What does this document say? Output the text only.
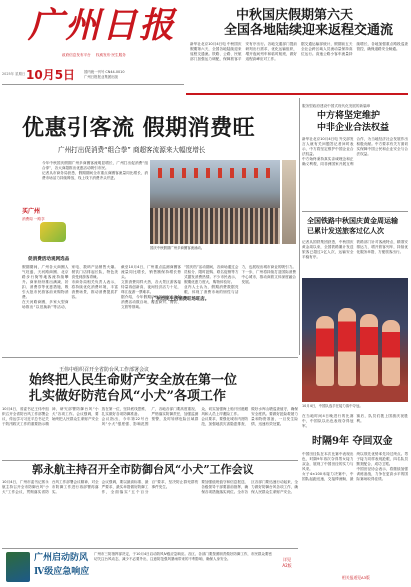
广州日报
政府信息发布平台 权威发布·民生服务
2025年 星期日 10月5日	国内统一刊号 CN44-0010
广州日报报业集团出版
中秋国庆假期第六天
全国各地陆续迎来返程交通流
新华社北京10月4日电 中秋国庆假期第六天，全国各地陆续迎来返程交通流。铁路、公路、民航部门加强运力调配，保障旅客平安有序出行。各地交通部门提前研判出行需求，优化运输组织，增开夜间列车和临时航班，做好返程高峰应对工作。
据交通运输部统计，假期前五天全社会跨区域人员流动量保持高位运行。高速公路小客车流量持续增长，各地加强重点路段巡查管控，确保道路安全畅通。
优惠引客流 假期消费旺
广州打出促消费“组合拳” 商超客流源来大幅度增长
今年中秋国庆假期广州多商圈客流明显增长，广州打出促消费“组合拳”，各大商超推出优惠活动吸引市民。
记者从市商务局获悉，假期期间全市重点商圈客流量同比增长，消费市场活力持续释放，线上线下消费齐头并进。
买广州
消费周 一路享
促消费活动观网选品
国庆中秋假期广州多商圈客流涌动。
假期期间，广州各大商圈人气旺盛，天河路商圈、北京路步行街等地客流持续攀升。商家纷纷推出满减、折扣、消费券等优惠措施，吸引大批市民游客前来购物消费。
在天河路商圈，多家大型商场推出“以旧换新”等活动，家电、数码产品销售火爆。餐饮门店排起长队，特色美食受到游客青睐。
市商务局相关负责人表示，将持续优化消费环境，丰富消费场景，推动消费提质扩容。
截至10月4日，广州重点监测商圈客流量同比增长，销售额保持增长势头。
文旅消费同样火热，各大景区游客接待量再创新高，夜间经济活力十足，珠江夜游一票难求。
据介绍，今年假期广州共组织各类促消费活动数百场，覆盖商贸、餐饮、文旅等领域。
广州市民生活消费旺场旺店。
“国庆档”活动期间，各商场通过会员积分、限时抢购、联名促销等方式激发消费热情。不少市民表示，假期优惠力度大，购物体验好。
业内人士认为，假期消费数据亮眼，体现了消费市场的韧性与活力，也展现出城市商业的吸引力。下一步，广州将持续打造国际消费中心城市，推动商旅文体深度融合发展。
服务型政府建设中国式现代化发展的新篇章
中方将坚定维护
中非企业合法权益
新华社北京10月4日电 外交部发言人就有关问题答记者问时表示，中方将坚定维护中国企业合法权益。
中方始终秉持真实亲诚理念和正确义利观，同非洲国家开展互利合作，为当地经济社会发展作出积极贡献。中方要求有关方面切实保障中国公民和企业安全与合法权益。
全国铁路中秋国庆黄金周运输
已累计发送旅客过亿人次
记者从国铁集团获悉，中秋国庆黄金周以来，全国铁路累计发送旅客已超过1亿人次，运输安全平稳有序。
铁路部门针对客流特点，精准安排运力，增开旅客列车，持续优化服务举措，方便旅客出行。
10月4日，中国队选手在接力赛中夺冠。
在当地时间4日晚进行的比赛中，中国队以出色表现夺得冠军。
赛后，队员们披上国旗庆祝胜利。
时隔9年 夺回双金
中国田径队在本次比赛中表现出色，时隔9年再次夺得男女接力双金，展现了中国田径的实力与风采。
女子4×100米接力决赛中，中国队起跑迅速，交接棒流畅，最终以领先优势率先冲过终点。男子接力同样表现抢眼，四名队员默契配合，成功卫冕。
中国田径协会表示，将继续加强训练备战，力争在更高水平的国际赛场取得佳绩。
相关报道见A3版
王伟中组织召开全省防台风工作部署会议
始终把人民生命财产安全放在第一位
扎实做好防范台风“小犬”各项工作
10月4日，省委书记王伟中组织召开全省防台风工作部署会议，传达学习习近平总书记关于防汛救灾工作的重要指示精神，研究部署防御台风“小犬”各项工作。会议强调，要始终把人民群众生命财产安全放在第一位，坚持底线思维，扎实做好各项防御准备。
会议指出，今年第22号台风“小犬”强度强、影响范围广，各地各部门要高度重视，严格落实防御责任，加强监测预警，及时转移危险区域群众，切实加强海上船只回港避风和人员上岸避险工作。
会议要求，要强化城市内涝防范，加强地质灾害隐患排查，做好水库山塘巡查值守，确保安全度汛。要做好抢险救援力量和物资准备，一旦发生险情，迅速有效处置。
郭永航主持召开全市防御台风“小犬”工作会议
10月4日，广州市委书记郭永航主持召开全市防御台风“小犬”工作会议，贯彻落实省防台风工作部署会议精神，对全市防御工作进行再部署再落实。
会议强调，要以最高标准、最严要求、最实举措做好防御工作，全面落实“五个百分百”要求，坚决防止群死群伤事件发生。
要加强值班值守和信息报送，各级领导干部要靠前指挥，确保各项措施落实到位。全市各区各部门要迅速行动起来，全力做好防御台风各项工作，确保人民群众生命财产安全。
广州启动防风
Ⅳ级应急响应
广州市三防指挥部决定，于10月4日启动防风Ⅳ级应急响应。各区、各部门要按照职责做好防御工作，市民群众要密切关注台风动态，减少不必要外出，注意防范强风暴雨带来的不利影响，确保人身安全。	详见
A2版
